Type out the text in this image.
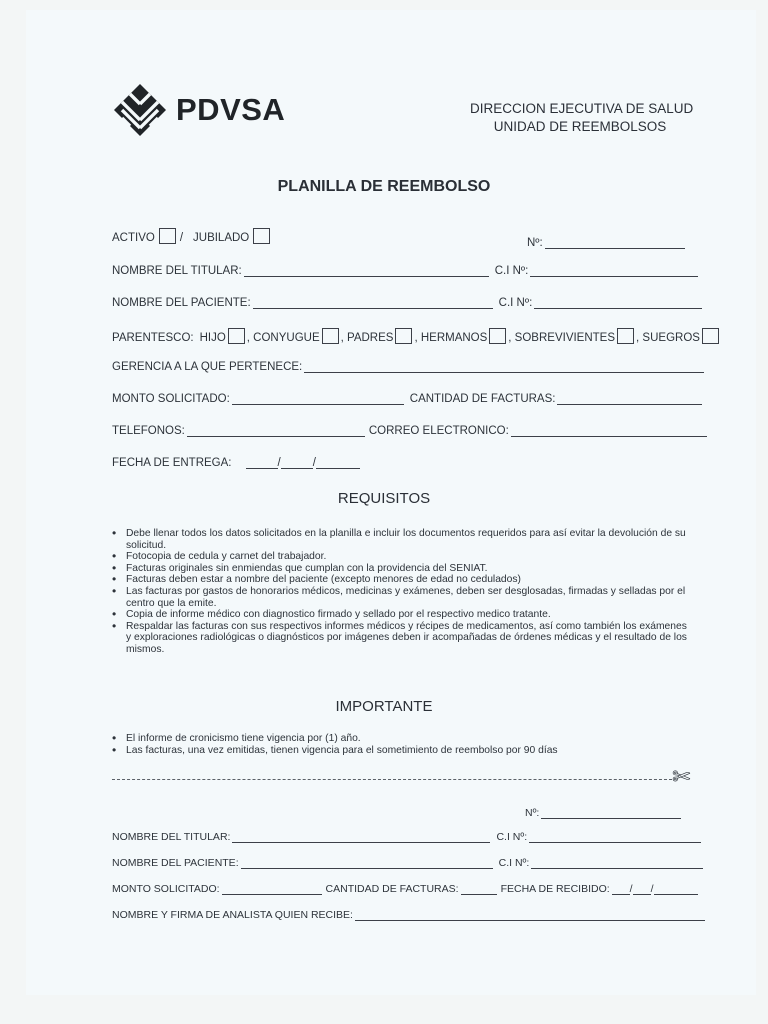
PDVSA	DIRECCION EJECUTIVA DE SALUD
UNIDAD DE REEMBOLSOS
PLANILLA DE REEMBOLSO
ACTIVO / JUBILADO	Nº:
NOMBRE DEL TITULAR:	C.I Nº:
NOMBRE DEL PACIENTE:	C.I Nº:
PARENTESCO: HIJO , CONYUGUE , PADRES , HERMANOS , SOBREVIVIENTES , SUEGROS
GERENCIA A LA QUE PERTENECE:
MONTO SOLICITADO:	CANTIDAD DE FACTURAS:
TELEFONOS:	CORREO ELECTRONICO:
FECHA DE ENTREGA:	/	/
REQUISITOS
• Debe llenar todos los datos solicitados en la planilla e incluir los documentos requeridos para así evitar la devolución de su solicitud.
• Fotocopia de cedula y carnet del trabajador.
• Facturas originales sin enmiendas que cumplan con la providencia del SENIAT.
• Facturas deben estar a nombre del paciente (excepto menores de edad no cedulados)
• Las facturas por gastos de honorarios médicos, medicinas y exámenes, deben ser desglosadas, firmadas y selladas por el centro que la emite.
• Copia de informe médico con diagnostico firmado y sellado por el respectivo medico tratante.
• Respaldar las facturas con sus respectivos informes médicos y récipes de medicamentos, así como también los exámenes y exploraciones radiológicas o diagnósticos por imágenes deben ir acompañadas de órdenes médicas y el resultado de los mismos.
IMPORTANTE
• El informe de cronicismo tiene vigencia por (1) año.
• Las facturas, una vez emitidas, tienen vigencia para el sometimiento de reembolso por 90 días
✄
Nº:
NOMBRE DEL TITULAR:	C.I Nº:
NOMBRE DEL PACIENTE:	C.I Nº:
MONTO SOLICITADO:	CANTIDAD DE FACTURAS:	FECHA DE RECIBIDO: / /
NOMBRE Y FIRMA DE ANALISTA QUIEN RECIBE:
